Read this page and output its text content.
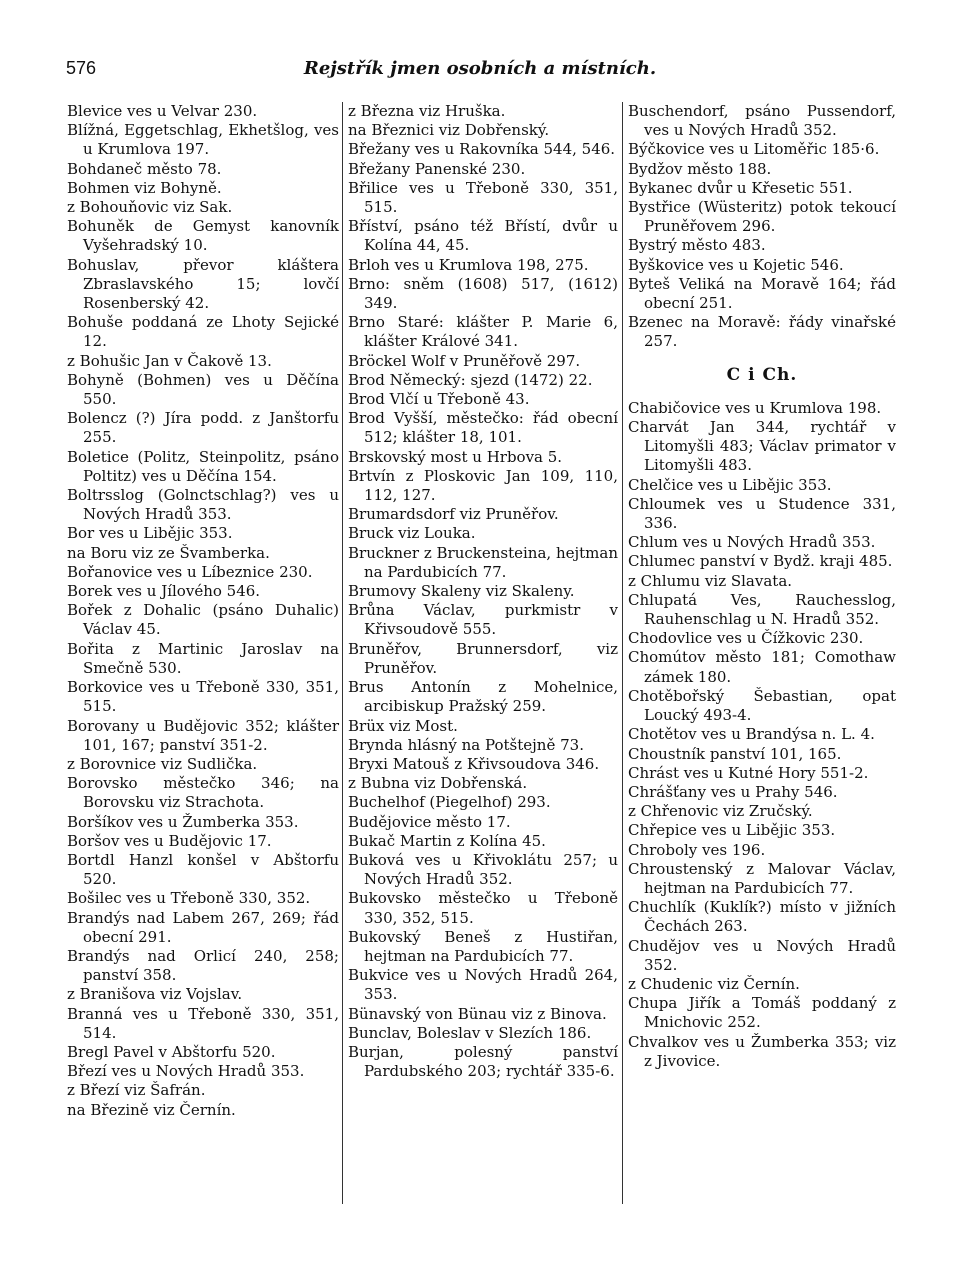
576	Rejstřík jmen osobních a místních.

Blevice ves u Velvar 230.

Blížná, Eggetschlag, Ekhetšlog, ves u Krumlova 197.

Bohdaneč město 78.

Bohmen viz Bohyně.

z Bohouňovic viz Sak.

Bohuněk de Gemyst kanovník Vyšehradský 10.

Bohuslav, převor kláštera Zbraslavského 15; lovčí Rosenberský 42.

Bohuše poddaná ze Lhoty Sejické 12.

z Bohušic Jan v Čakově 13.

Bohyně (Bohmen) ves u Děčína 550.

Bolencz (?) Jíra podd. z Janštorfu 255.

Boletice (Politz, Steinpolitz, psáno Poltitz) ves u Děčína 154.

Boltrsslog (Golnctschlag?) ves u Nových Hradů 353.

Bor ves u Libějic 353.

na Boru viz ze Švamberka.

Bořanovice ves u Líbeznice 230.

Borek ves u Jílového 546.

Bořek z Dohalic (psáno Duhalic) Václav 45.

Bořita z Martinic Jaroslav na Smečně 530.

Borkovice ves u Třeboně 330, 351, 515.

Borovany u Budějovic 352; klášter 101, 167; panství 351-2.

z Borovnice viz Sudlička.

Borovsko městečko 346; na Borovsku viz Strachota.

Boršíkov ves u Žumberka 353.

Boršov ves u Budějovic 17.

Bortdl Hanzl konšel v Abštorfu 520.

Bošilec ves u Třeboně 330, 352.

Brandýs nad Labem 267, 269; řád obecní 291.

Brandýs nad Orlicí 240, 258; panství 358.

z Branišova viz Vojslav.

Branná ves u Třeboně 330, 351, 514.

Bregl Pavel v Abštorfu 520.

Březí ves u Nových Hradů 353.

z Březí viz Šafrán.

na Březině viz Černín.

z Března viz Hruška.

na Březnici viz Dobřenský.

Břežany ves u Rakovníka 544, 546.

Břežany Panenské 230.

Břilice ves u Třeboně 330, 351, 515.

Bříství, psáno též Břístí, dvůr u Kolína 44, 45.

Brloh ves u Krumlova 198, 275.

Brno: sněm (1608) 517, (1612) 349.

Brno Staré: klášter P. Marie 6, klášter Králové 341.

Bröckel Wolf v Pruněřově 297.

Brod Německý: sjezd (1472) 22.

Brod Vlčí u Třeboně 43.

Brod Vyšší, městečko: řád obecní 512; klášter 18, 101.

Brskovský most u Hrbova 5.

Brtvín z Ploskovic Jan 109, 110, 112, 127.

Brumardsdorf viz Pruněřov.

Bruck viz Louka.

Bruckner z Bruckensteina, hejtman na Pardubicích 77.

Brumovy Skaleny viz Skaleny.

Brůna Václav, purkmistr v Křivsoudově 555.

Bruněřov, Brunnersdorf, viz Pruněřov.

Brus Antonín z Mohelnice, arcibiskup Pražský 259.

Brüx viz Most.

Brynda hlásný na Potštejně 73.

Bryxi Matouš z Křivsoudova 346.

z Bubna viz Dobřenská.

Buchelhof (Piegelhof) 293.

Budějovice město 17.

Bukač Martin z Kolína 45.

Buková ves u Křivoklátu 257; u Nových Hradů 352.

Bukovsko městečko u Třeboně 330, 352, 515.

Bukovský Beneš z Hustiřan, hejtman na Pardubicích 77.

Bukvice ves u Nových Hradů 264, 353.

Bünavský von Bünau viz z Binova.

Bunclav, Boleslav v Slezích 186.

Burjan, polesný panství Pardubského 203; rychtář 335-6.

Buschendorf, psáno Pussendorf, ves u Nových Hradů 352.

Býčkovice ves u Litoměřic 185·6.

Bydžov město 188.

Bykanec dvůr u Křesetic 551.

Bystřice (Wüsteritz) potok tekoucí Pruněřovem 296.

Bystrý město 483.

Byškovice ves u Kojetic 546.

Byteš Veliká na Moravě 164; řád obecní 251.

Bzenec na Moravě: řády vinařské 257.

C i Ch.

Chabičovice ves u Krumlova 198.

Charvát Jan 344, rychtář v Litomyšli 483; Václav primator v Litomyšli 483.

Chelčice ves u Libějic 353.

Chloumek ves u Studence 331, 336.

Chlum ves u Nových Hradů 353.

Chlumec panství v Bydž. kraji 485.

z Chlumu viz Slavata.

Chlupatá Ves, Rauchesslog, Rauhenschlag u N. Hradů 352.

Chodovlice ves u Čížkovic 230.

Chomútov město 181; Comothaw zámek 180.

Chotěbořský Šebastian, opat Loucký 493-4.

Chotětov ves u Brandýsa n. L. 4.

Choustník panství 101, 165.

Chrást ves u Kutné Hory 551-2.

Chrášťany ves u Prahy 546.

z Chřenovic viz Zručský.

Chřepice ves u Libějic 353.

Chroboly ves 196.

Chroustenský z Malovar Václav, hejtman na Pardubicích 77.

Chuchlík (Kuklík?) místo v jižních Čechách 263.

Chudějov ves u Nových Hradů 352.

z Chudenic viz Černín.

Chupa Jiřík a Tomáš poddaný z Mnichovic 252.

Chvalkov ves u Žumberka 353; viz z Jivovice.
